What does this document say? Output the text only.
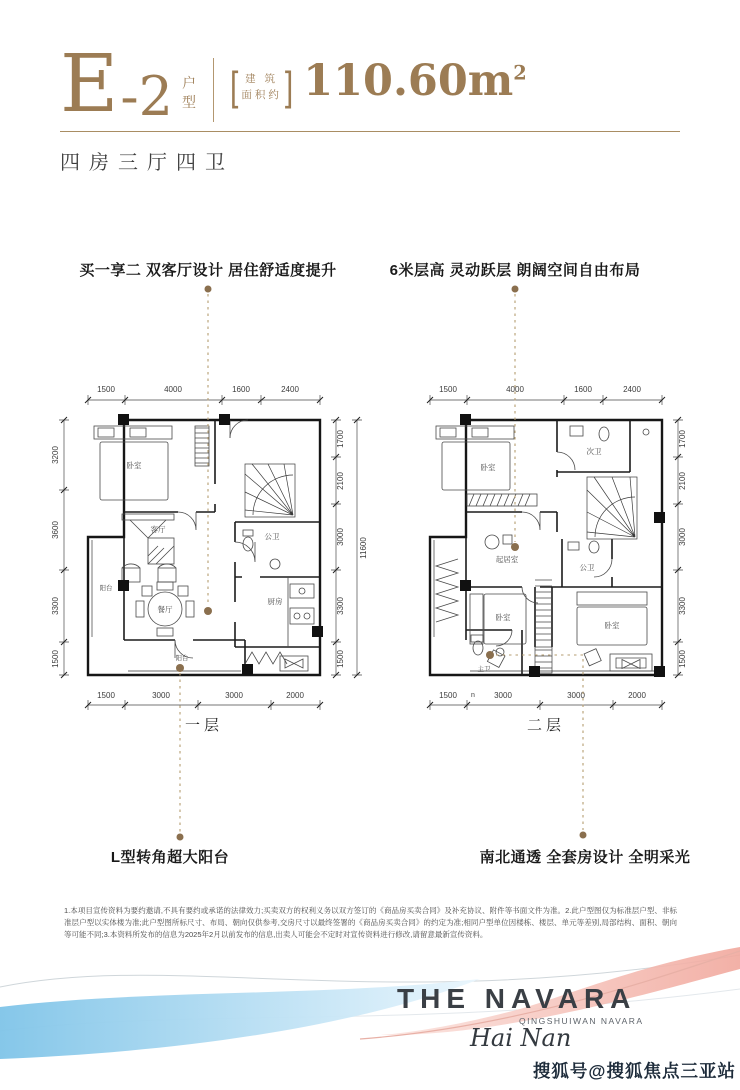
E -2 户型 [ 建 筑
面积约 ] $110.60m^2$
四房三厅四卫
买一享二 双客厅设计 居住舒适度提升	6米层高 灵动跃层 朗阔空间自由布局
L型转角超大阳台	南北通透 全套房设计 全明采光
1500	4000	1600	2400
3200
3600
3300
1500
1700
2100
3000
3300
1500
11600
1500	3000	3000	2000
卧室
客厅
餐厅
厨房
公卫
阳台
阳台
一层
1500	4000	1600	2400
1700
2100
3000
3300
1500
1500 n 3000	3000	2000
卧室
次卫
起居室
公卫
卧室
卧室
主卫
二层
1.本项目宣传资料为要约邀请,不具有要约或承诺的法律效力;买卖双方的权利义务以双方签订的《商品房买卖合同》及补充协议、附件等书面文件为准。2.此户型图仅为标准层户型、非标准层户型以实体楼为准;此户型图所标尺寸、布局、朝向仅供参考,交房尺寸以最终签署的《商品房买卖合同》的约定为准;相同户型单位因楼栋、楼层、单元等差别,局部结构、面积、朝向等可能不同;3.本资料所发布的信息为2025年2月以前发布的信息,出卖人可能会不定时对宣传资料进行修改,请留意最新宣传资料。
THE NAVARA
QINGSHUIWAN NAVARA
Hai Nan
搜狐号@搜狐焦点三亚站
